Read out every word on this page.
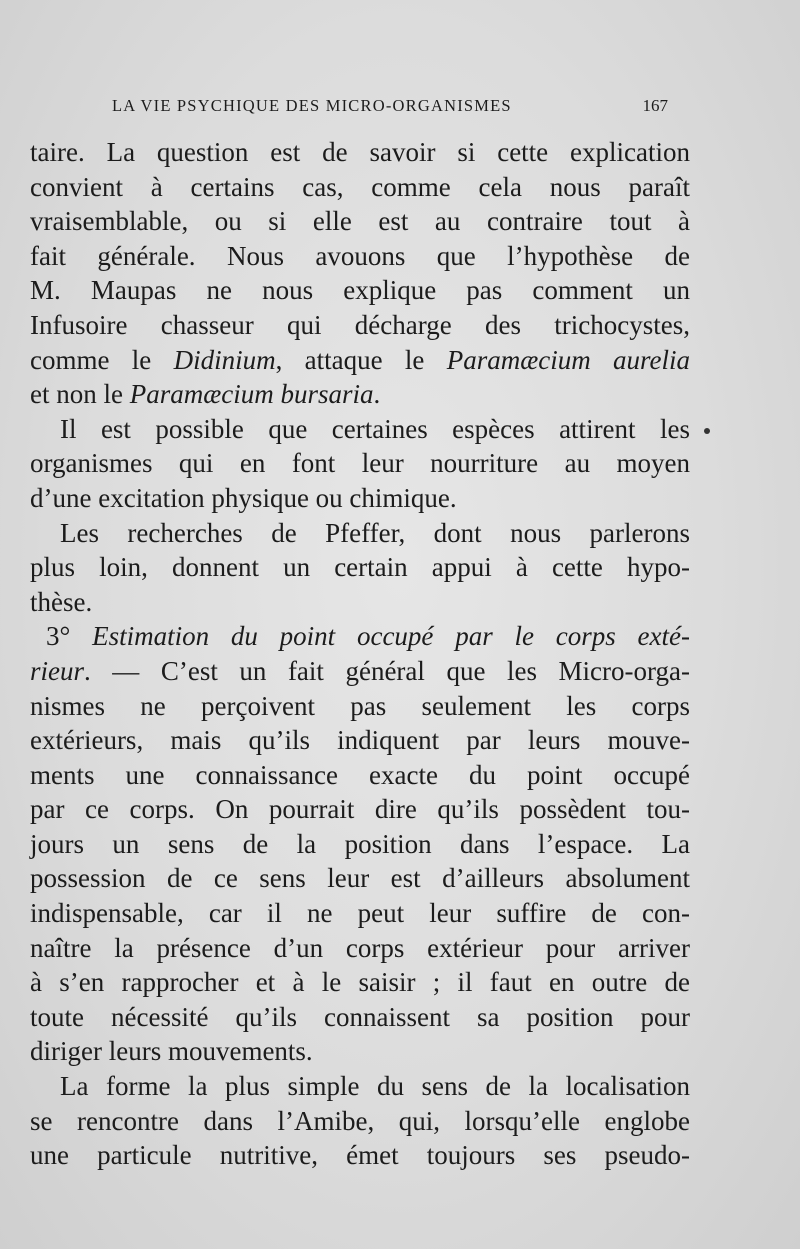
LA VIE PSYCHIQUE DES MICRO-ORGANISMES	167
taire. La question est de savoir si cette explication
convient à certains cas, comme cela nous paraît
vraisemblable, ou si elle est au contraire tout à
fait générale. Nous avouons que l’hypothèse de
M. Maupas ne nous explique pas comment un
Infusoire chasseur qui décharge des trichocystes,
comme le Didinium, attaque le Paramæcium aurelia
et non le Paramæcium bursaria.
Il est possible que certaines espèces attirent les
organismes qui en font leur nourriture au moyen
d’une excitation physique ou chimique.
Les recherches de Pfeffer, dont nous parlerons
plus loin, donnent un certain appui à cette hypo-
thèse.
3° Estimation du point occupé par le corps exté-
rieur. — C’est un fait général que les Micro-orga-
nismes ne perçoivent pas seulement les corps
extérieurs, mais qu’ils indiquent par leurs mouve-
ments une connaissance exacte du point occupé
par ce corps. On pourrait dire qu’ils possèdent tou-
jours un sens de la position dans l’espace. La
possession de ce sens leur est d’ailleurs absolument
indispensable, car il ne peut leur suffire de con-
naître la présence d’un corps extérieur pour arriver
à s’en rapprocher et à le saisir ; il faut en outre de
toute nécessité qu’ils connaissent sa position pour
diriger leurs mouvements.
La forme la plus simple du sens de la localisation
se rencontre dans l’Amibe, qui, lorsqu’elle englobe
une particule nutritive, émet toujours ses pseudo-
